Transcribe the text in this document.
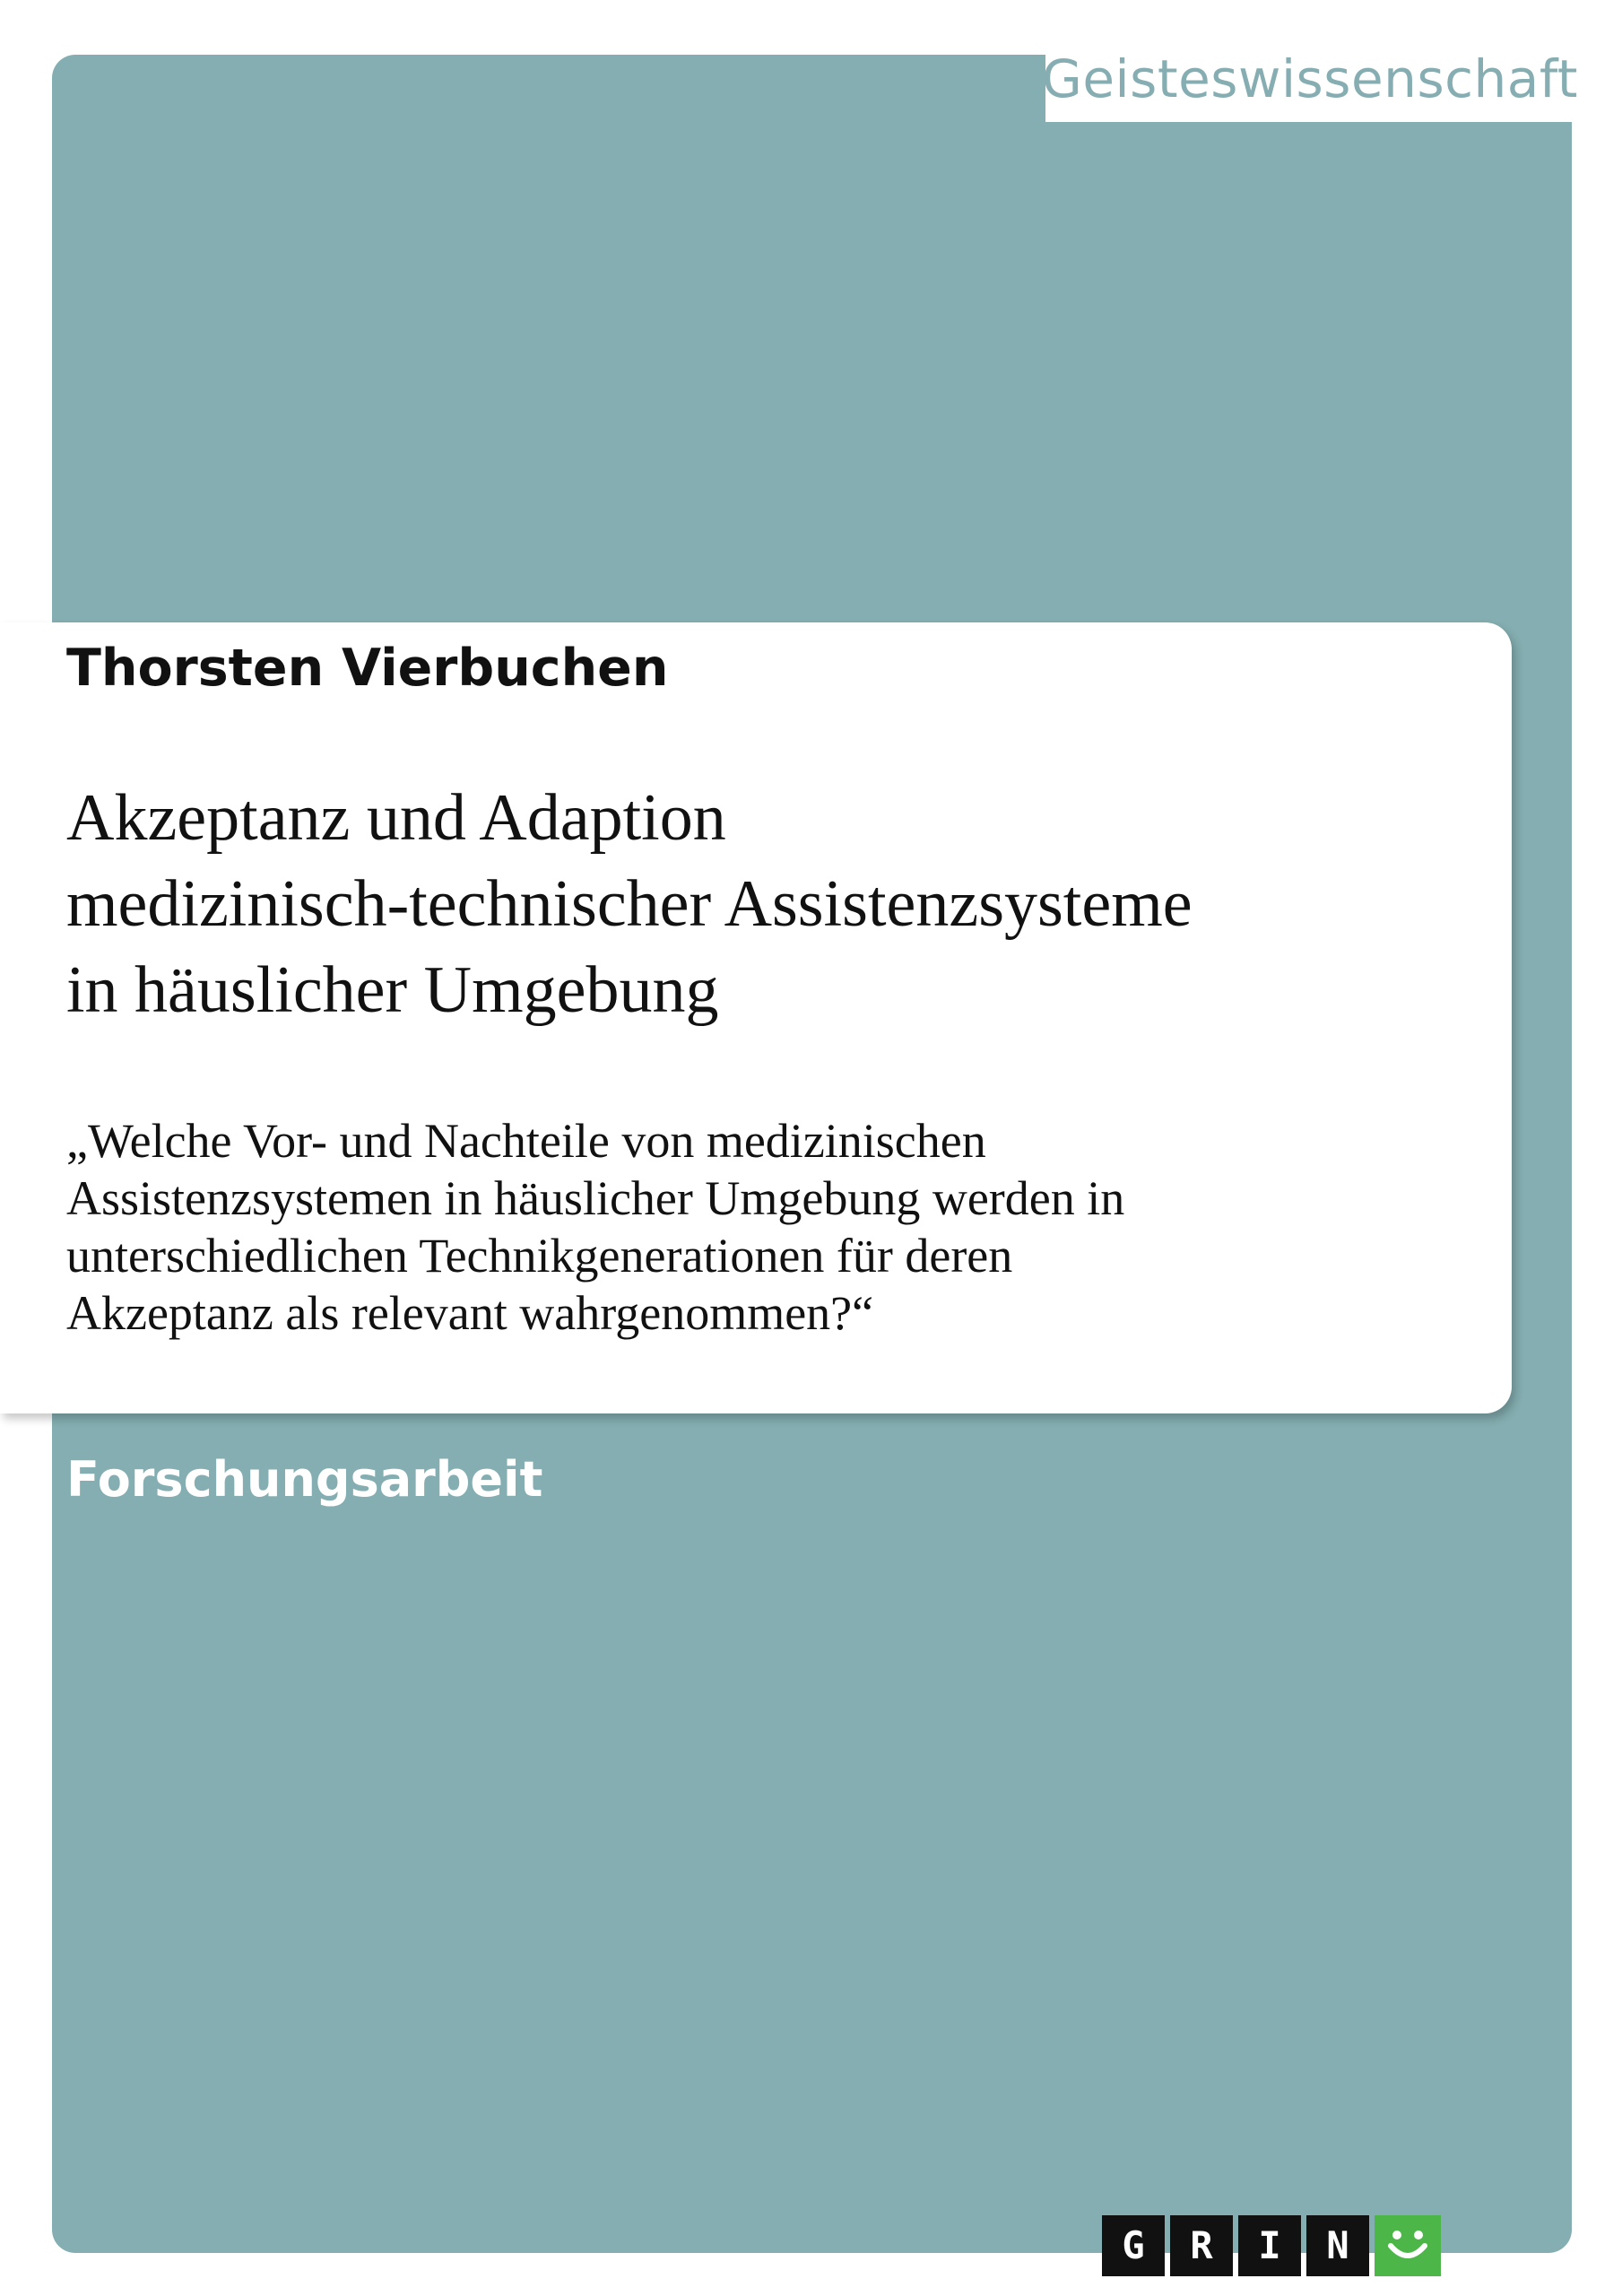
Geisteswissenschaft
Thorsten Vierbuchen
Akzeptanz und Adaption
medizinisch-technischer Assistenzsysteme
in häuslicher Umgebung

„Welche Vor- und Nachteile von medizinischen
Assistenzsystemen in häuslicher Umgebung werden in
unterschiedlichen Technikgenerationen für deren
Akzeptanz als relevant wahrgenommen?“

Forschungsarbeit
G	R	I	N
